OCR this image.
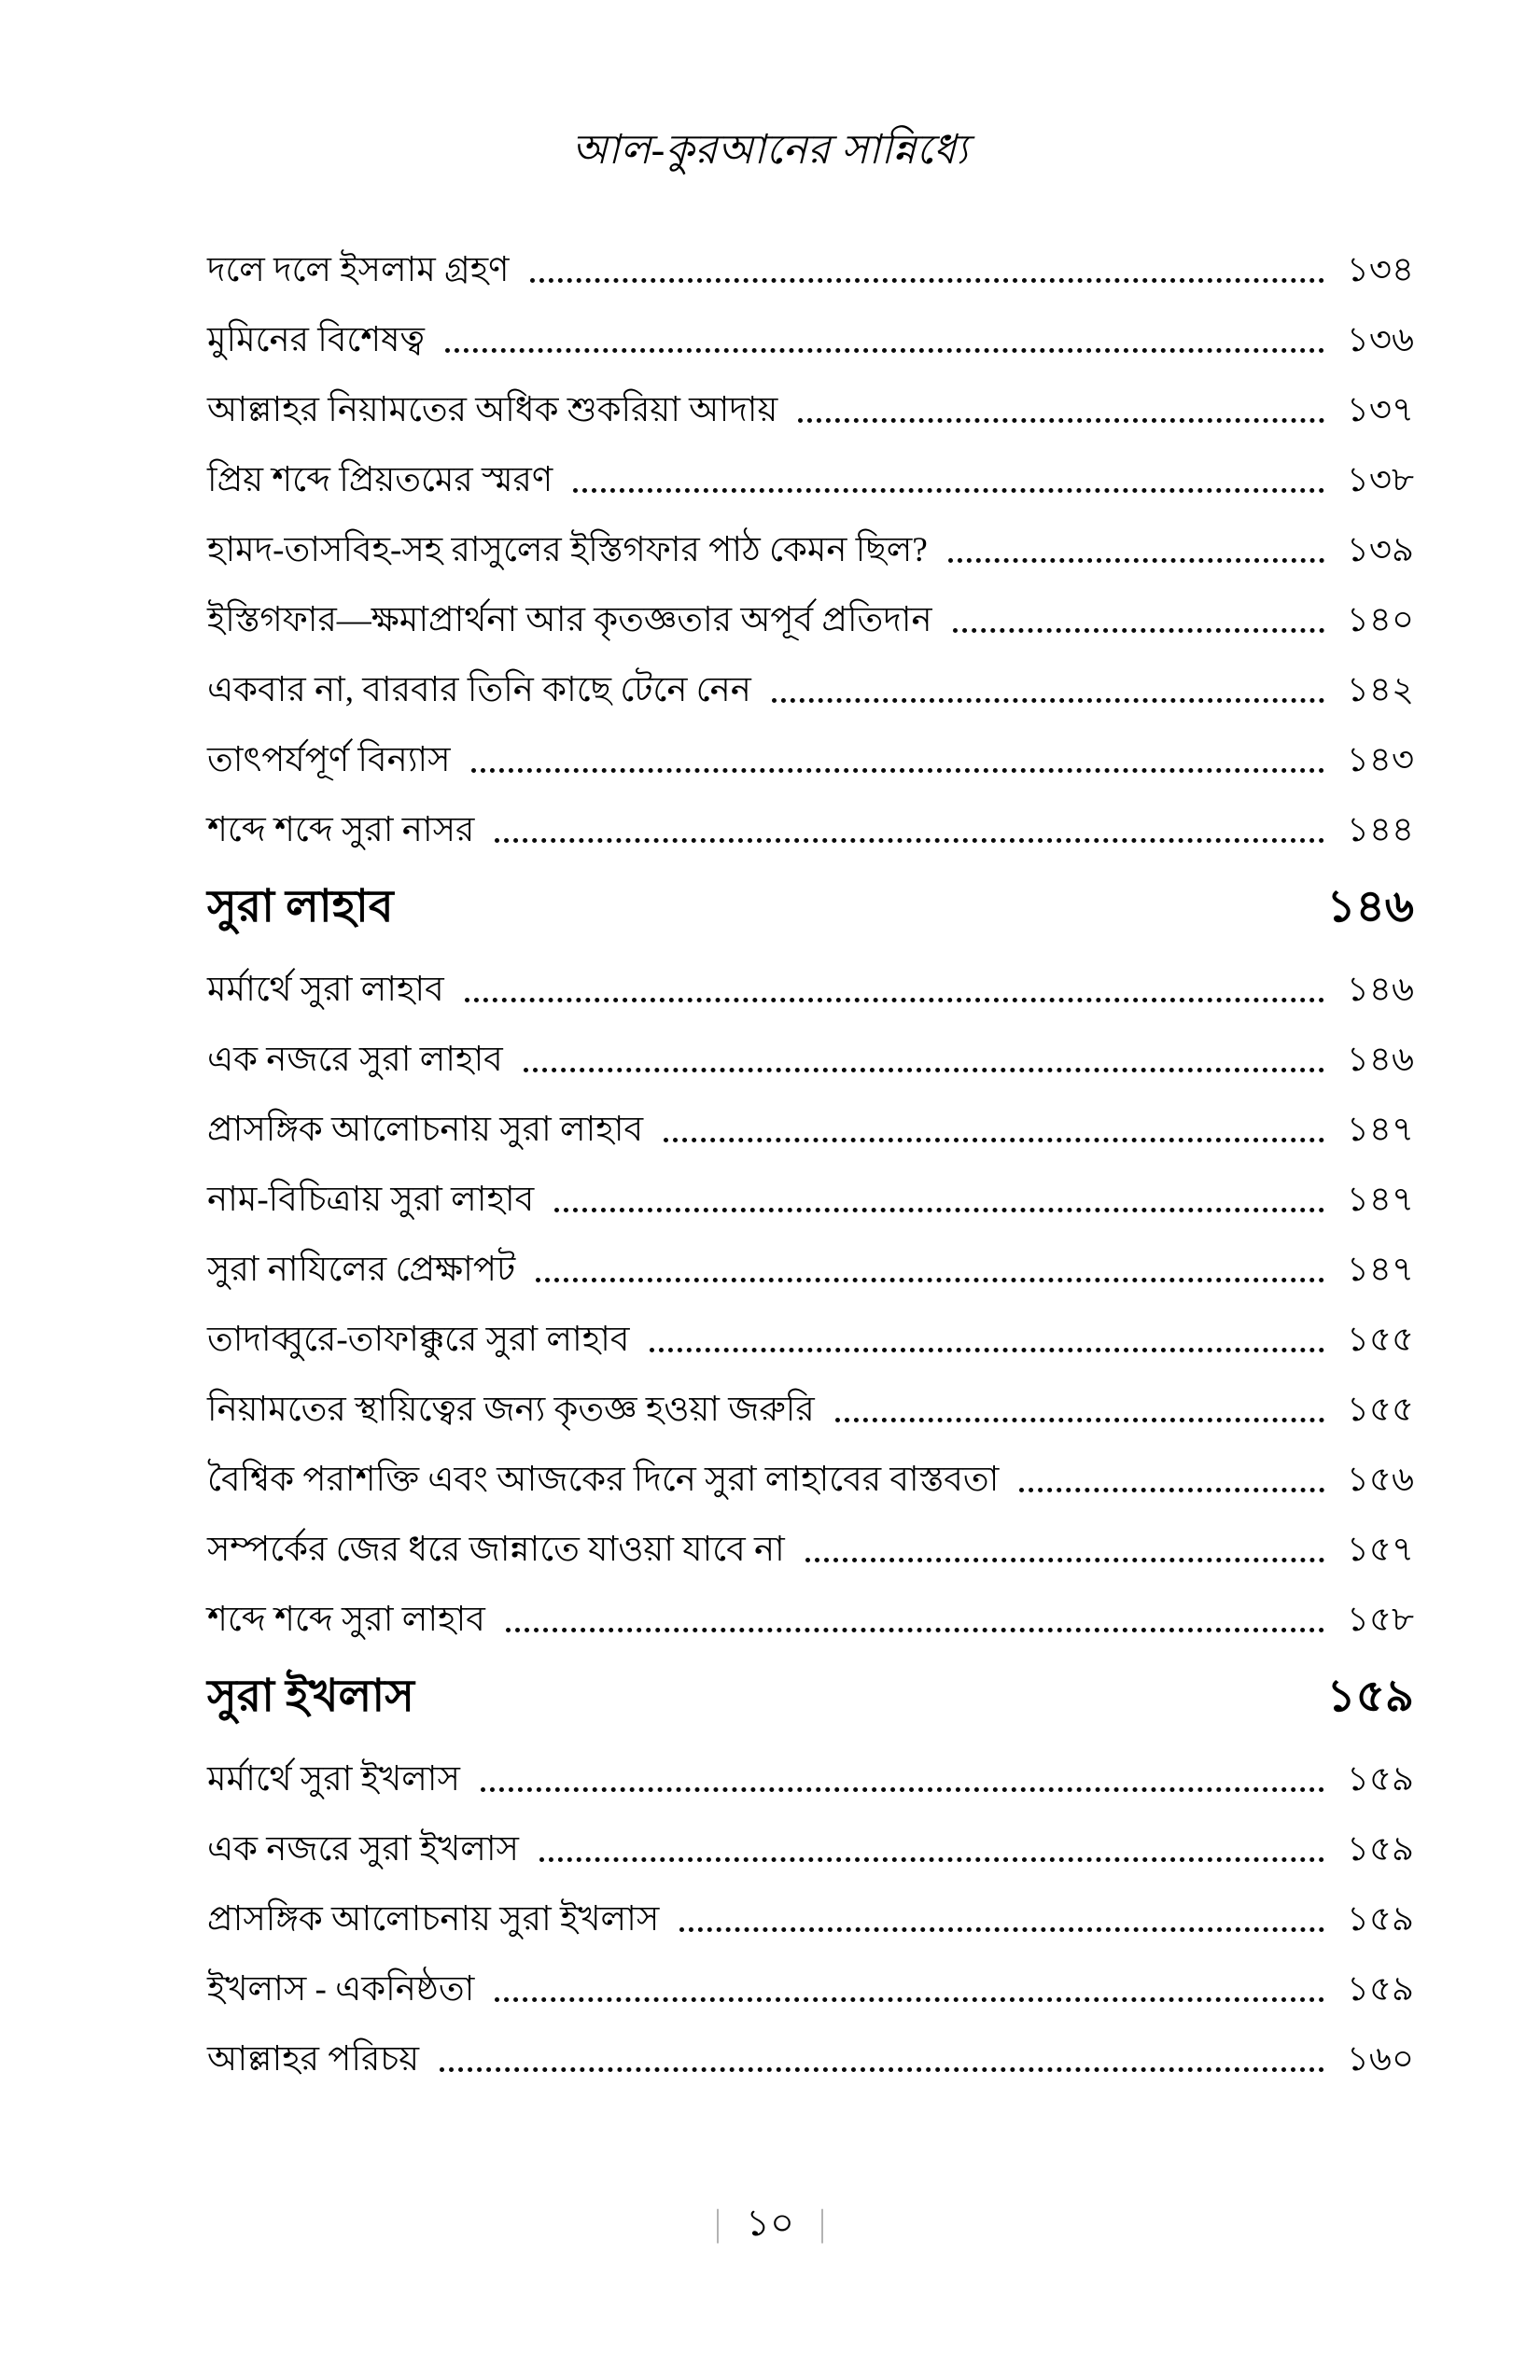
আল-কুরআনের সান্নিধ্যে
দলে দলে ইসলাম গ্রহণ	১৩৪
মুমিনের বিশেষত্ব	১৩৬
আল্লাহর নিয়ামতের অধিক শুকরিয়া আদায়	১৩৭
প্রিয় শব্দে প্রিয়তমের স্মরণ	১৩৮
হামদ-তাসবিহ-সহ রাসুলের ইস্তিগফার পাঠ কেমন ছিল?	১৩৯
ইস্তিগফার—ক্ষমাপ্রার্থনা আর কৃতজ্ঞতার অপূর্ব প্রতিদান	১৪০
একবার না, বারবার তিনি কাছে টেনে নেন	১৪২
তাৎপর্যপূর্ণ বিন্যাস	১৪৩
শব্দে শব্দে সুরা নাসর	১৪৪
সুরা লাহাব	১৪৬
মর্মার্থে সুরা লাহাব	১৪৬
এক নজরে সুরা লাহাব	১৪৬
প্রাসঙ্গিক আলোচনায় সুরা লাহাব	১৪৭
নাম-বিচিত্রায় সুরা লাহাব	১৪৭
সুরা নাযিলের প্রেক্ষাপট	১৪৭
তাদাব্বুরে-তাফাক্কুরে সুরা লাহাব	১৫৫
নিয়ামতের স্থায়িত্বের জন্য কৃতজ্ঞ হওয়া জরুরি	১৫৫
বৈশ্বিক পরাশক্তি এবং আজকের দিনে সুরা লাহাবের বাস্তবতা	১৫৬
সম্পর্কের জের ধরে জান্নাতে যাওয়া যাবে না	১৫৭
শব্দে শব্দে সুরা লাহাব	১৫৮
সুরা ইখলাস	১৫৯
মর্মার্থে সুরা ইখলাস	১৫৯
এক নজরে সুরা ইখলাস	১৫৯
প্রাসঙ্গিক আলোচনায় সুরা ইখলাস	১৫৯
ইখলাস - একনিষ্ঠতা	১৫৯
আল্লাহর পরিচয়	১৬০
| ১০ |
